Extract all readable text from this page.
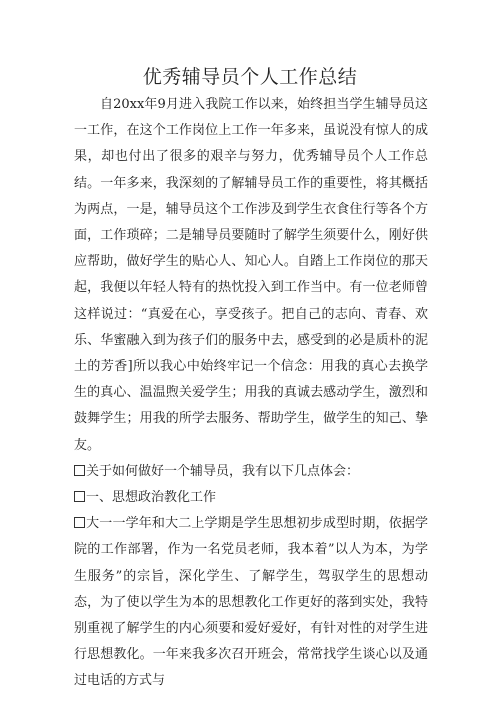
优秀辅导员个人工作总结

自20xx年9月进入我院工作以来，始终担当学生辅导员这一工作，在这个工作岗位上工作一年多来，虽说没有惊人的成果，却也付出了很多的艰辛与努力，优秀辅导员个人工作总结。一年多来，我深刻的了解辅导员工作的重要性，将其概括为两点，一是，辅导员这个工作涉及到学生衣食住行等各个方面，工作琐碎；二是辅导员要随时了解学生须要什么，刚好供应帮助，做好学生的贴心人、知心人。自踏上工作岗位的那天起，我便以年轻人特有的热忱投入到工作当中。有一位老师曾这样说过：“真爱在心，享受孩子。把自己的志向、青春、欢乐、华蜜融入到为孩子们的服务中去，感受到的必是质朴的泥土的芳香]所以我心中始终牢记一个信念：用我的真心去换学生的真心、温温煦关爱学生；用我的真诚去感动学生，激烈和鼓舞学生；用我的所学去服务、帮助学生，做学生的知己、挚友。

关于如何做好一个辅导员，我有以下几点体会：

一、思想政治教化工作

大一一学年和大二上学期是学生思想初步成型时期，依据学院的工作部署，作为一名党员老师，我本着”以人为本，为学生服务”的宗旨，深化学生、了解学生，驾驭学生的思想动态，为了使以学生为本的思想教化工作更好的落到实处，我特别重视了解学生的内心须要和爱好爱好，有针对性的对学生进行思想教化。一年来我多次召开班会，常常找学生谈心以及通过电话的方式与
